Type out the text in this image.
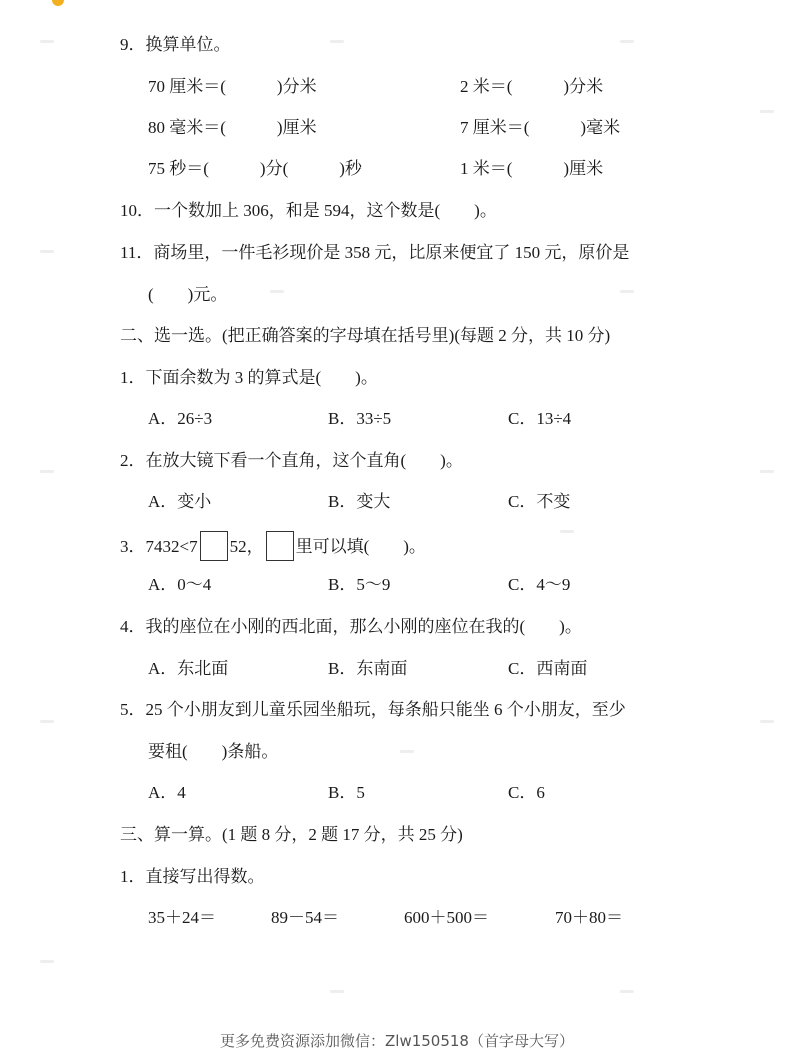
9．换算单位。
70 厘米＝(　　　)分米	2 米＝(　　　)分米
80 毫米＝(　　　)厘米	7 厘米＝(　　　)毫米
75 秒＝(　　　)分(　　　)秒	1 米＝(　　　)厘米
10．一个数加上 306，和是 594，这个数是(　　)。
11．商场里，一件毛衫现价是 358 元，比原来便宜了 150 元，原价是
(　　)元。
二、选一选。(把正确答案的字母填在括号里)(每题 2 分，共 10 分)
1．下面余数为 3 的算式是(　　)。
A．26÷3	B．33÷5	C．13÷4
2．在放大镜下看一个直角，这个直角(　　)。
A．变小	B．变大	C．不变
3．7432<7 52， 里可以填(　　)。
A．0～4	B．5～9	C．4～9
4．我的座位在小刚的西北面，那么小刚的座位在我的(　　)。
A．东北面	B．东南面	C．西南面
5．25 个小朋友到儿童乐园坐船玩，每条船只能坐 6 个小朋友，至少
要租(　　)条船。
A．4	B．5	C．6
三、算一算。(1 题 8 分，2 题 17 分，共 25 分)
1．直接写出得数。
35＋24＝	89－54＝	600＋500＝	70＋80＝
更多免费资源添加微信：Zlw150518（首字母大写）
